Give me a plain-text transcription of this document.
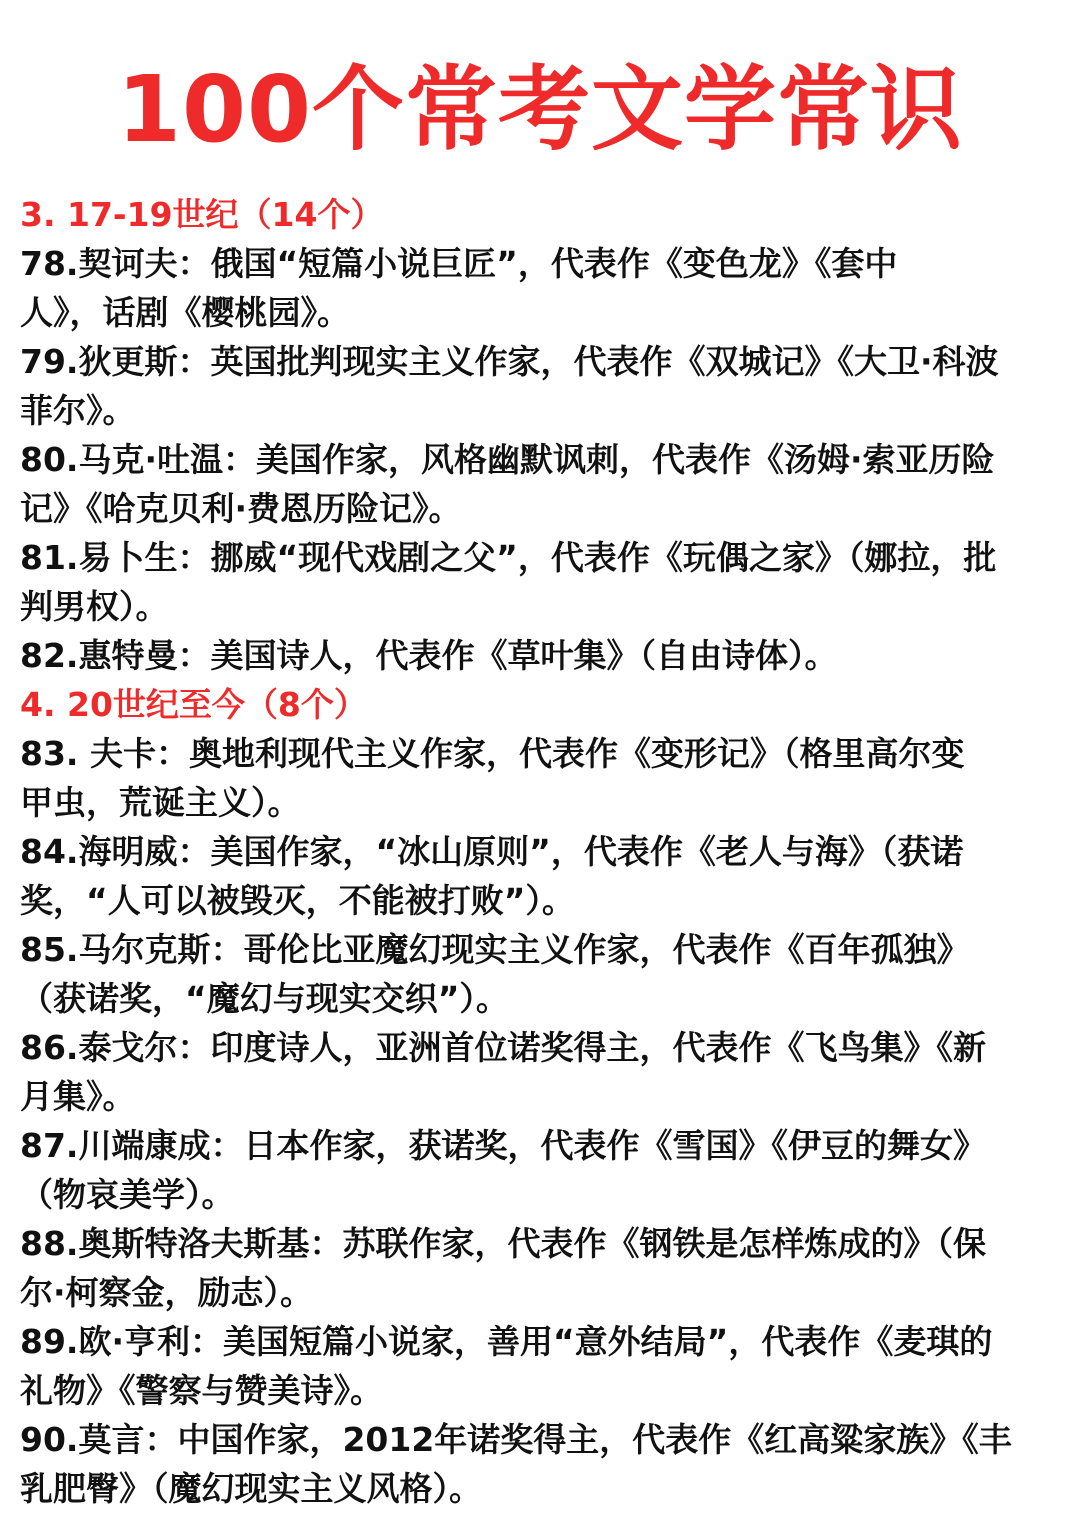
100个常考文学常识
3. 17-19世纪（14个）
78.契诃夫：俄国“短篇小说巨匠”，代表作《变色龙》《套中
人》，话剧《樱桃园》。
79.狄更斯：英国批判现实主义作家，代表作《双城记》《大卫·科波
菲尔》。
80.马克·吐温：美国作家，风格幽默讽刺，代表作《汤姆·索亚历险
记》《哈克贝利·费恩历险记》。
81.易卜生：挪威“现代戏剧之父”，代表作《玩偶之家》（娜拉，批
判男权）。
82.惠特曼：美国诗人，代表作《草叶集》（自由诗体）。
4. 20世纪至今（8个）
83. 夫卡：奥地利现代主义作家，代表作《变形记》（格里高尔变
甲虫，荒诞主义）。
84.海明威：美国作家，“冰山原则”，代表作《老人与海》（获诺
奖，“人可以被毁灭，不能被打败”）。
85.马尔克斯：哥伦比亚魔幻现实主义作家，代表作《百年孤独》
（获诺奖，“魔幻与现实交织”）。
86.泰戈尔：印度诗人，亚洲首位诺奖得主，代表作《飞鸟集》《新
月集》。
87.川端康成：日本作家，获诺奖，代表作《雪国》《伊豆的舞女》
（物哀美学）。
88.奥斯特洛夫斯基：苏联作家，代表作《钢铁是怎样炼成的》（保
尔·柯察金，励志）。
89.欧·亨利：美国短篇小说家，善用“意外结局”，代表作《麦琪的
礼物》《警察与赞美诗》。
90.莫言：中国作家，2012年诺奖得主，代表作《红高粱家族》《丰
乳肥臀》（魔幻现实主义风格）。
